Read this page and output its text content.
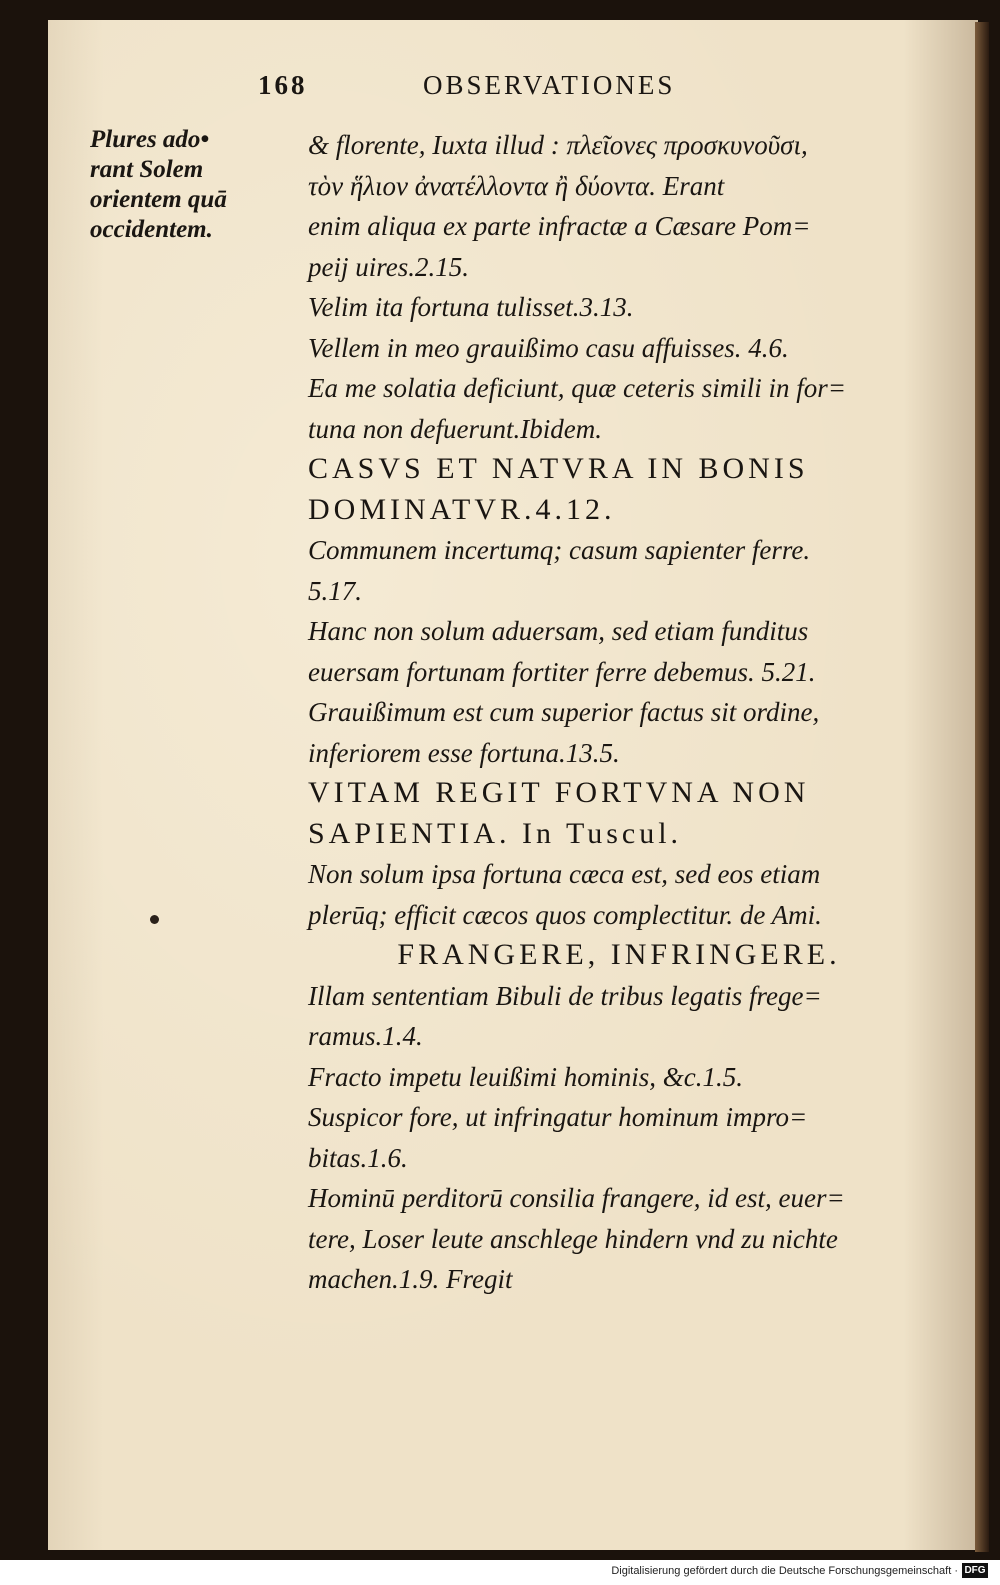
168	OBSERVATIONES
Plures ado•
rant Solem
orientem quā
occidentem.
& florente, Iuxta illud : πλεῖονες προσκυνοῦσι,
τὸν ἥλιον ἀνατέλλοντα ἢ δύοντα. Erant
enim aliqua ex parte infractæ a Cæsare Pom=
peij uires.2.15.
Velim ita fortuna tulisset.3.13.
Vellem in meo grauißimo casu affuisses. 4.6.
Ea me solatia deficiunt, quæ ceteris simili in for=
tuna non defuerunt.Ibidem.
CASVS ET NATVRA IN BONIS
DOMINATVR.4.12.
Communem incertumq; casum sapienter ferre.
5.17.
Hanc non solum aduersam, sed etiam funditus
euersam fortunam fortiter ferre debemus. 5.21.
Grauißimum est cum superior factus sit ordine,
inferiorem esse fortuna.13.5.
VITAM REGIT FORTVNA NON
SAPIENTIA. In Tuscul.
Non solum ipsa fortuna cæca est, sed eos etiam
plerūq; efficit cæcos quos complectitur. de Ami.
FRANGERE, INFRINGERE.
Illam sententiam Bibuli de tribus legatis frege=
ramus.1.4.
Fracto impetu leuißimi hominis, &c.1.5.
Suspicor fore, ut infringatur hominum impro=
bitas.1.6.
Hominū perditorū consilia frangere, id est, euer=
tere, Loser leute anschlege hindern vnd zu nichte
machen.1.9. Fregit
Digitalisierung gefördert durch die Deutsche Forschungsgemeinschaft · DFG
